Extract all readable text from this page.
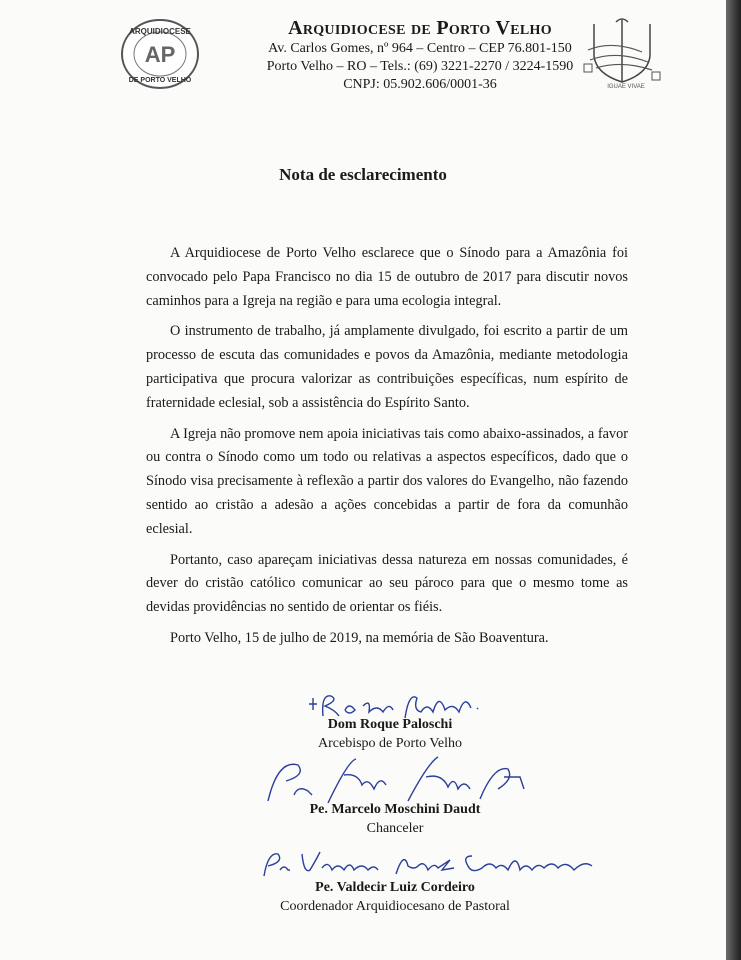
ARQUIDIOCESE
AP
DE PORTO VELHO
Arquidiocese de Porto Velho
Av. Carlos Gomes, nº 964 – Centro – CEP 76.801-150
Porto Velho – RO – Tels.: (69) 3221-2270 / 3224-1590
CNPJ: 05.902.606/0001-36	IGUAE VIVAE
Nota de esclarecimento

A Arquidiocese de Porto Velho esclarece que o Sínodo para a Amazônia foi convocado pelo Papa Francisco no dia 15 de outubro de 2017 para discutir novos caminhos para a Igreja na região e para uma ecologia integral.

O instrumento de trabalho, já amplamente divulgado, foi escrito a partir de um processo de escuta das comunidades e povos da Amazônia, mediante metodologia participativa que procura valorizar as contribuições específicas, num espírito de fraternidade eclesial, sob a assistência do Espírito Santo.

A Igreja não promove nem apoia iniciativas tais como abaixo-assinados, a favor ou contra o Sínodo como um todo ou relativas a aspectos específicos, dado que o Sínodo visa precisamente à reflexão a partir dos valores do Evangelho, não fazendo sentido ao cristão a adesão a ações concebidas a partir de fora da comunhão eclesial.

Portanto, caso apareçam iniciativas dessa natureza em nossas comunidades, é dever do cristão católico comunicar ao seu pároco para que o mesmo tome as devidas providências no sentido de orientar os fiéis.

Porto Velho, 15 de julho de 2019, na memória de São Boaventura.

Dom Roque Paloschi
Arcebispo de Porto Velho
Pe. Marcelo Moschini Daudt
Chanceler
Pe. Valdecir Luiz Cordeiro
Coordenador Arquidiocesano de Pastoral
